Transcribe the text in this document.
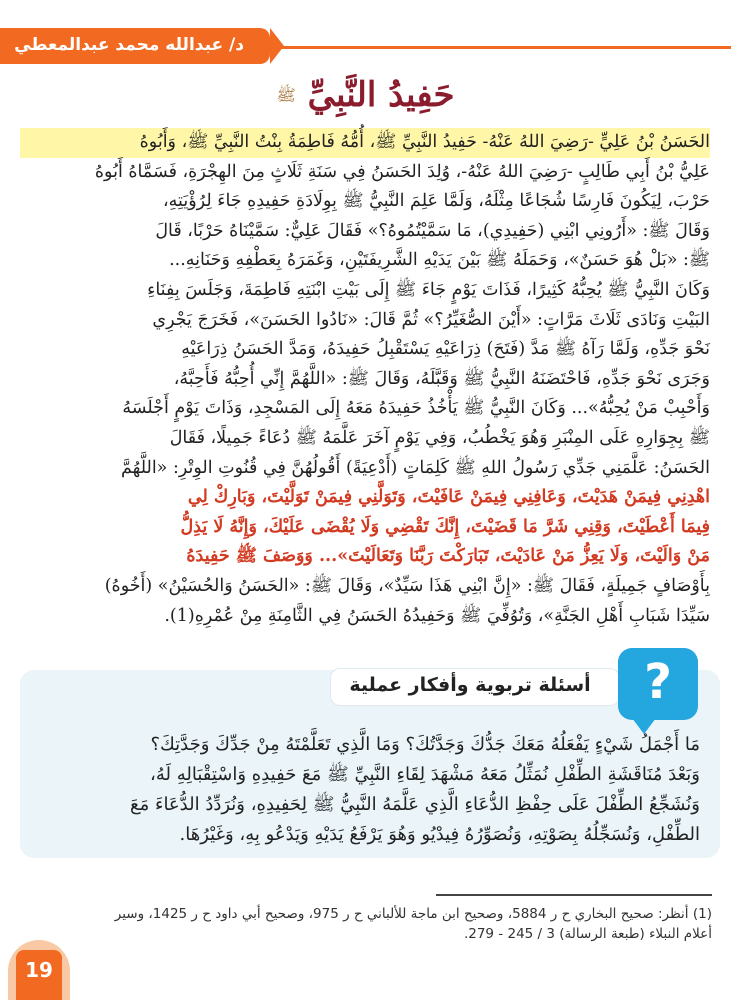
د/ عبدالله محمد عبدالمعطي
حَفِيدُ النَّبِيِّ ﷺ
الحَسَنُ بْنُ عَلِيٍّ -رَضِيَ اللهُ عَنْهُ- حَفِيدُ النَّبِيِّ ﷺ، أُمُّهُ فَاطِمَةُ بِنْتُ النَّبِيِّ ﷺ، وَأَبُوهُ
عَلِيُّ بْنُ أَبِي طَالِبٍ -رَضِيَ اللهُ عَنْهُ-، وُلِدَ الحَسَنُ فِي سَنَةِ ثَلَاثٍ مِنَ الهِجْرَةِ، فَسَمَّاهُ أَبُوهُ
حَرْبَ، لِيَكُونَ فَارِسًا شُجَاعًا مِثْلَهُ، وَلَمَّا عَلِمَ النَّبِيُّ ﷺ بِوِلَادَةِ حَفِيدِهِ جَاءَ لِرُؤْيَتِهِ،
وَقَالَ ﷺ: «أَرُونِي ابْنِي (حَفِيدِي)، مَا سَمَّيْتُمُوهُ؟» فَقَالَ عَلِيٌّ: سَمَّيْنَاهُ حَرْبًا، قَالَ
ﷺ: «بَلْ هُوَ حَسَنٌ»، وَحَمَلَهُ ﷺ بَيْنَ يَدَيْهِ الشَّرِيفَتَيْنِ، وَغَمَرَهُ بِعَطْفِهِ وَحَنَانِهِ...
وَكَانَ النَّبِيُّ ﷺ يُحِبُّهُ كَثِيرًا، فَذَاتَ يَوْمٍ جَاءَ ﷺ إِلَى بَيْتِ ابْنَتِهِ فَاطِمَةَ، وَجَلَسَ بِفِنَاءِ
البَيْتِ وَنَادَى ثَلَاثَ مَرَّاتٍ: «أَيْنَ الصُّغَيِّرُ؟» ثُمَّ قَالَ: «نَادُوا الحَسَنَ»، فَخَرَجَ يَجْرِي
نَحْوَ جَدِّهِ، وَلَمَّا رَآهُ ﷺ مَدَّ (فَتَحَ) ذِرَاعَيْهِ يَسْتَقْبِلُ حَفِيدَهُ، وَمَدَّ الحَسَنُ ذِرَاعَيْهِ
وَجَرَى نَحْوَ جَدِّهِ، فَاحْتَضَنَهُ النَّبِيُّ ﷺ وَقَبَّلَهُ، وَقَالَ ﷺ: «اللَّهُمَّ إِنِّي أُحِبُّهُ فَأَحِبَّهُ،
وَأَحْبِبْ مَنْ يُحِبُّهُ»... وَكَانَ النَّبِيُّ ﷺ يَأْخُذُ حَفِيدَهُ مَعَهُ إِلَى المَسْجِدِ، وَذَاتَ يَوْمٍ أَجْلَسَهُ
ﷺ بِجِوَارِهِ عَلَى المِنْبَرِ وَهُوَ يَخْطُبُ، وَفِي يَوْمٍ آخَرَ عَلَّمَهُ ﷺ دُعَاءً جَمِيلًا، فَقَالَ
الحَسَنُ: عَلَّمَنِي جَدِّي رَسُولُ اللهِ ﷺ كَلِمَاتٍ (أَدْعِيَةً) أَقُولُهُنَّ فِي قُنُوتِ الوِتْرِ: «اللَّهُمَّ
اهْدِنِي فِيمَنْ هَدَيْتَ، وَعَافِنِي فِيمَنْ عَافَيْتَ، وَتَوَلَّنِي فِيمَنْ تَوَلَّيْتَ، وَبَارِكْ لِي
فِيمَا أَعْطَيْتَ، وَقِنِي شَرَّ مَا قَضَيْتَ، إِنَّكَ تَقْضِي وَلَا يُقْضَى عَلَيْكَ، وَإِنَّهُ لَا يَذِلُّ
مَنْ وَالَيْتَ، وَلَا يَعِزُّ مَنْ عَادَيْتَ، تَبَارَكْتَ رَبَّنَا وَتَعَالَيْتَ»... وَوَصَفَ ﷺ حَفِيدَهُ
بِأَوْصَافٍ جَمِيلَةٍ، فَقَالَ ﷺ: «إِنَّ ابْنِي هَذَا سَيِّدٌ»، وَقَالَ ﷺ: «الحَسَنُ وَالحُسَيْنُ» (أَخُوهُ)
سَيِّدَا شَبَابِ أَهْلِ الجَنَّةِ»، وَتُوُفِّيَ ﷺ وَحَفِيدُهُ الحَسَنُ فِي الثَّامِنَةِ مِنْ عُمْرِهِ(1).
أسئلة تربوية وأفكار عملية	?
مَا أَجْمَلُ شَيْءٍ يَفْعَلُهُ مَعَكَ جَدُّكَ وَجَدَّتُكَ؟ وَمَا الَّذِي تَعَلَّمْتَهُ مِنْ جَدِّكَ وَجَدَّتِكَ؟
وَبَعْدَ مُنَاقَشَةِ الطِّفْلِ نُمَثِّلُ مَعَهُ مَشْهَدَ لِقَاءِ النَّبِيِّ ﷺ مَعَ حَفِيدِهِ وَاسْتِقْبَالِهِ لَهُ،
وَنُشَجِّعُ الطِّفْلَ عَلَى حِفْظِ الدُّعَاءِ الَّذِي عَلَّمَهُ النَّبِيُّ ﷺ لِحَفِيدِهِ، وَنُرَدِّدُ الدُّعَاءَ مَعَ
الطِّفْلِ، وَنُسَجِّلُهُ بِصَوْتِهِ، وَنُصَوِّرُهُ فِيدْيُو وَهُوَ يَرْفَعُ يَدَيْهِ وَيَدْعُو بِهِ، وَغَيْرُهَا.
(1) أنظر: صحيح البخاري ح ر 5884، وصحيح ابن ماجة للألباني ح ر 975، وصحيح أبي داود ح ر 1425، وسير
أعلام النبلاء (طبعة الرسالة) 3 / 245 - 279.
19
